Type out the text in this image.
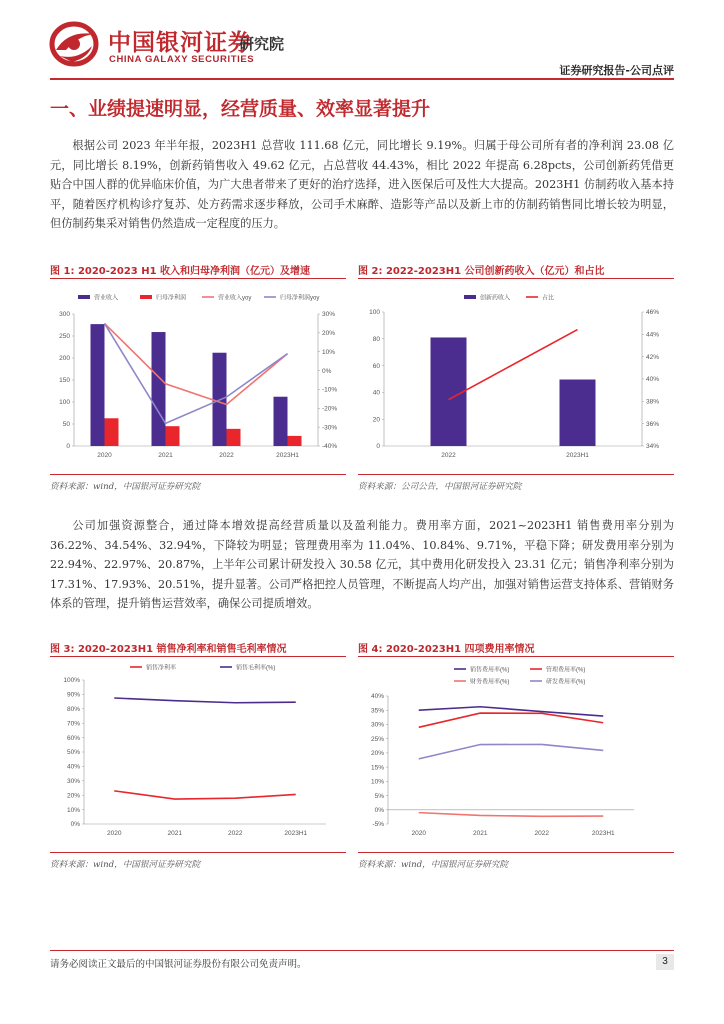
中国银河证券
CHINA GALAXY SECURITIES
研究院
证券研究报告-公司点评
一、业绩提速明显，经营质量、效率显著提升
根据公司 2023 年半年报，2023H1 总营收 111.68 亿元，同比增长 9.19%。归属于母公司所有者的净利润 23.08 亿元，同比增长 8.19%，创新药销售收入 49.62 亿元，占总营收 44.43%，相比 2022 年提高 6.28pcts，公司创新药凭借更贴合中国人群的优异临床价值，为广大患者带来了更好的治疗选择，进入医保后可及性大大提高。2023H1 仿制药收入基本持平，随着医疗机构诊疗复苏、处方药需求逐步释放，公司手术麻醉、造影等产品以及新上市的仿制药销售同比增长较为明显，但仿制药集采对销售仍然造成一定程度的压力。
图 1: 2020-2023 H1 收入和归母净利润（亿元）及增速
300
250
200
150
100
50
0
30%
20%
10%
0%
-10%
-20%
-30%
-40%
2020	2021	2022	2023H1
营业收入	归母净利润	营业收入yoy	归母净利润yoy
资料来源：wind，中国银河证券研究院
图 2: 2022-2023H1 公司创新药收入（亿元）和占比
100
80
60
40
20
0
46%
44%
42%
40%
38%
36%
34%
2022	2023H1
创新药收入	占比
资料来源：公司公告，中国银河证券研究院
公司加强资源整合，通过降本增效提高经营质量以及盈利能力。费用率方面，2021~2023H1 销售费用率分别为 36.22%、34.54%、32.94%，下降较为明显；管理费用率为 11.04%、10.84%、9.71%，平稳下降；研发费用率分别为 22.94%、22.97%、20.87%，上半年公司累计研发投入 30.58 亿元，其中费用化研发投入 23.31 亿元；销售净利率分别为 17.31%、17.93%、20.51%，提升显著。公司严格把控人员管理，不断提高人均产出，加强对销售运营支持体系、营销财务体系的管理，提升销售运营效率，确保公司提质增效。
图 3: 2020-2023H1 销售净利率和销售毛利率情况
100%
90%
80%
70%
60%
50%
40%
30%
20%
10%
0%
2020	2021	2022	2023H1
销售净利率	销售毛利率(%)
资料来源：wind，中国银河证券研究院
图 4: 2020-2023H1 四项费用率情况
40%
35%
30%
25%
20%
15%
10%
5%
0%
-5%
2020	2021	2022	2023H1
销售费用率(%)	管理费用率(%)
财务费用率(%)	研发费用率(%)
资料来源：wind，中国银河证券研究院
请务必阅读正文最后的中国银河证券股份有限公司免责声明。	3
